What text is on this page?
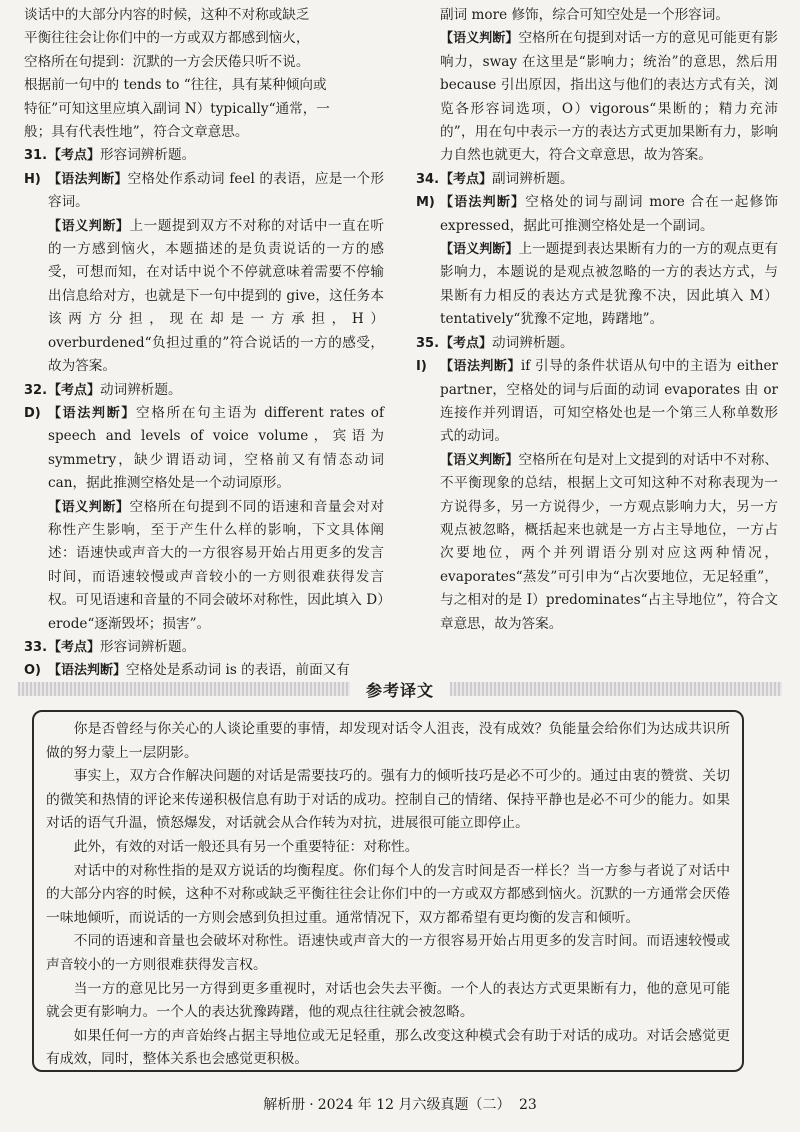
谈话中的大部分内容的时候，这种不对称或缺乏
平衡往往会让你们中的一方或双方都感到恼火，
空格所在句提到：沉默的一方会厌倦只听不说。
根据前一句中的 tends to “往往，具有某种倾向或
特征”可知这里应填入副词 N）typically“通常，一
般；具有代表性地”，符合文章意思。
31. 【考点】形容词辨析题。

H) 【语法判断】空格处作系动词 feel 的表语，应是一个形容词。

【语义判断】上一题提到双方不对称的对话中一直在听的一方感到恼火，本题描述的是负责说话的一方的感受，可想而知，在对话中说个不停就意味着需要不停输出信息给对方，也就是下一句中提到的 give，这任务本该两方分担，现在却是一方承担，H）overburdened“负担过重的”符合说话的一方的感受，故为答案。

32. 【考点】动词辨析题。

D) 【语法判断】空格所在句主语为 different rates of speech and levels of voice volume，宾语为 symmetry，缺少谓语动词，空格前又有情态动词 can，据此推测空格处是一个动词原形。

【语义判断】空格所在句提到不同的语速和音量会对对称性产生影响，至于产生什么样的影响，下文具体阐述：语速快或声音大的一方很容易开始占用更多的发言时间，而语速较慢或声音较小的一方则很难获得发言权。可见语速和音量的不同会破坏对称性，因此填入 D）erode“逐渐毁坏；损害”。

33. 【考点】形容词辨析题。

O) 【语法判断】空格处是系动词 is 的表语，前面又有

副词 more 修饰，综合可知空处是一个形容词。

【语义判断】空格所在句提到对话一方的意见可能更有影响力，sway 在这里是“影响力；统治”的意思，然后用 because 引出原因，指出这与他们的表达方式有关，浏览各形容词选项，O）vigorous“果断的；精力充沛的”，用在句中表示一方的表达方式更加果断有力，影响力自然也就更大，符合文章意思，故为答案。

34. 【考点】副词辨析题。

M) 【语法判断】空格处的词与副词 more 合在一起修饰 expressed，据此可推测空格处是一个副词。

【语义判断】上一题提到表达果断有力的一方的观点更有影响力，本题说的是观点被忽略的一方的表达方式，与果断有力相反的表达方式是犹豫不决，因此填入 M）tentatively“犹豫不定地，踌躇地”。

35. 【考点】动词辨析题。

I)	【语法判断】if 引导的条件状语从句中的主语为 either partner，空格处的词与后面的动词 evaporates 由 or 连接作并列谓语，可知空格处也是一个第三人称单数形式的动词。

【语义判断】空格所在句是对上文提到的对话中不对称、不平衡现象的总结，根据上文可知这种不对称表现为一方说得多，另一方说得少，一方观点影响力大，另一方观点被忽略，概括起来也就是一方占主导地位，一方占次要地位，两个并列谓语分别对应这两种情况，evaporates“蒸发”可引申为“占次要地位，无足轻重”，与之相对的是 I）predominates“占主导地位”，符合文章意思，故为答案。

参考译文

你是否曾经与你关心的人谈论重要的事情，却发现对话令人沮丧，没有成效？负能量会给你们为达成共识所做的努力蒙上一层阴影。

事实上，双方合作解决问题的对话是需要技巧的。强有力的倾听技巧是必不可少的。通过由衷的赞赏、关切的微笑和热情的评论来传递积极信息有助于对话的成功。控制自己的情绪、保持平静也是必不可少的能力。如果对话的语气升温，愤怒爆发，对话就会从合作转为对抗，进展很可能立即停止。

此外，有效的对话一般还具有另一个重要特征：对称性。

对话中的对称性指的是双方说话的均衡程度。你们每个人的发言时间是否一样长？当一方参与者说了对话中的大部分内容的时候，这种不对称或缺乏平衡往往会让你们中的一方或双方都感到恼火。沉默的一方通常会厌倦一味地倾听，而说话的一方则会感到负担过重。通常情况下，双方都希望有更均衡的发言和倾听。

不同的语速和音量也会破坏对称性。语速快或声音大的一方很容易开始占用更多的发言时间。而语速较慢或声音较小的一方则很难获得发言权。

当一方的意见比另一方得到更多重视时，对话也会失去平衡。一个人的表达方式更果断有力，他的意见可能就会更有影响力。一个人的表达犹豫踌躇，他的观点往往就会被忽略。

如果任何一方的声音始终占据主导地位或无足轻重，那么改变这种模式会有助于对话的成功。对话会感觉更有成效，同时，整体关系也会感觉更积极。

解析册 · 2024 年 12 月六级真题（二） 23
